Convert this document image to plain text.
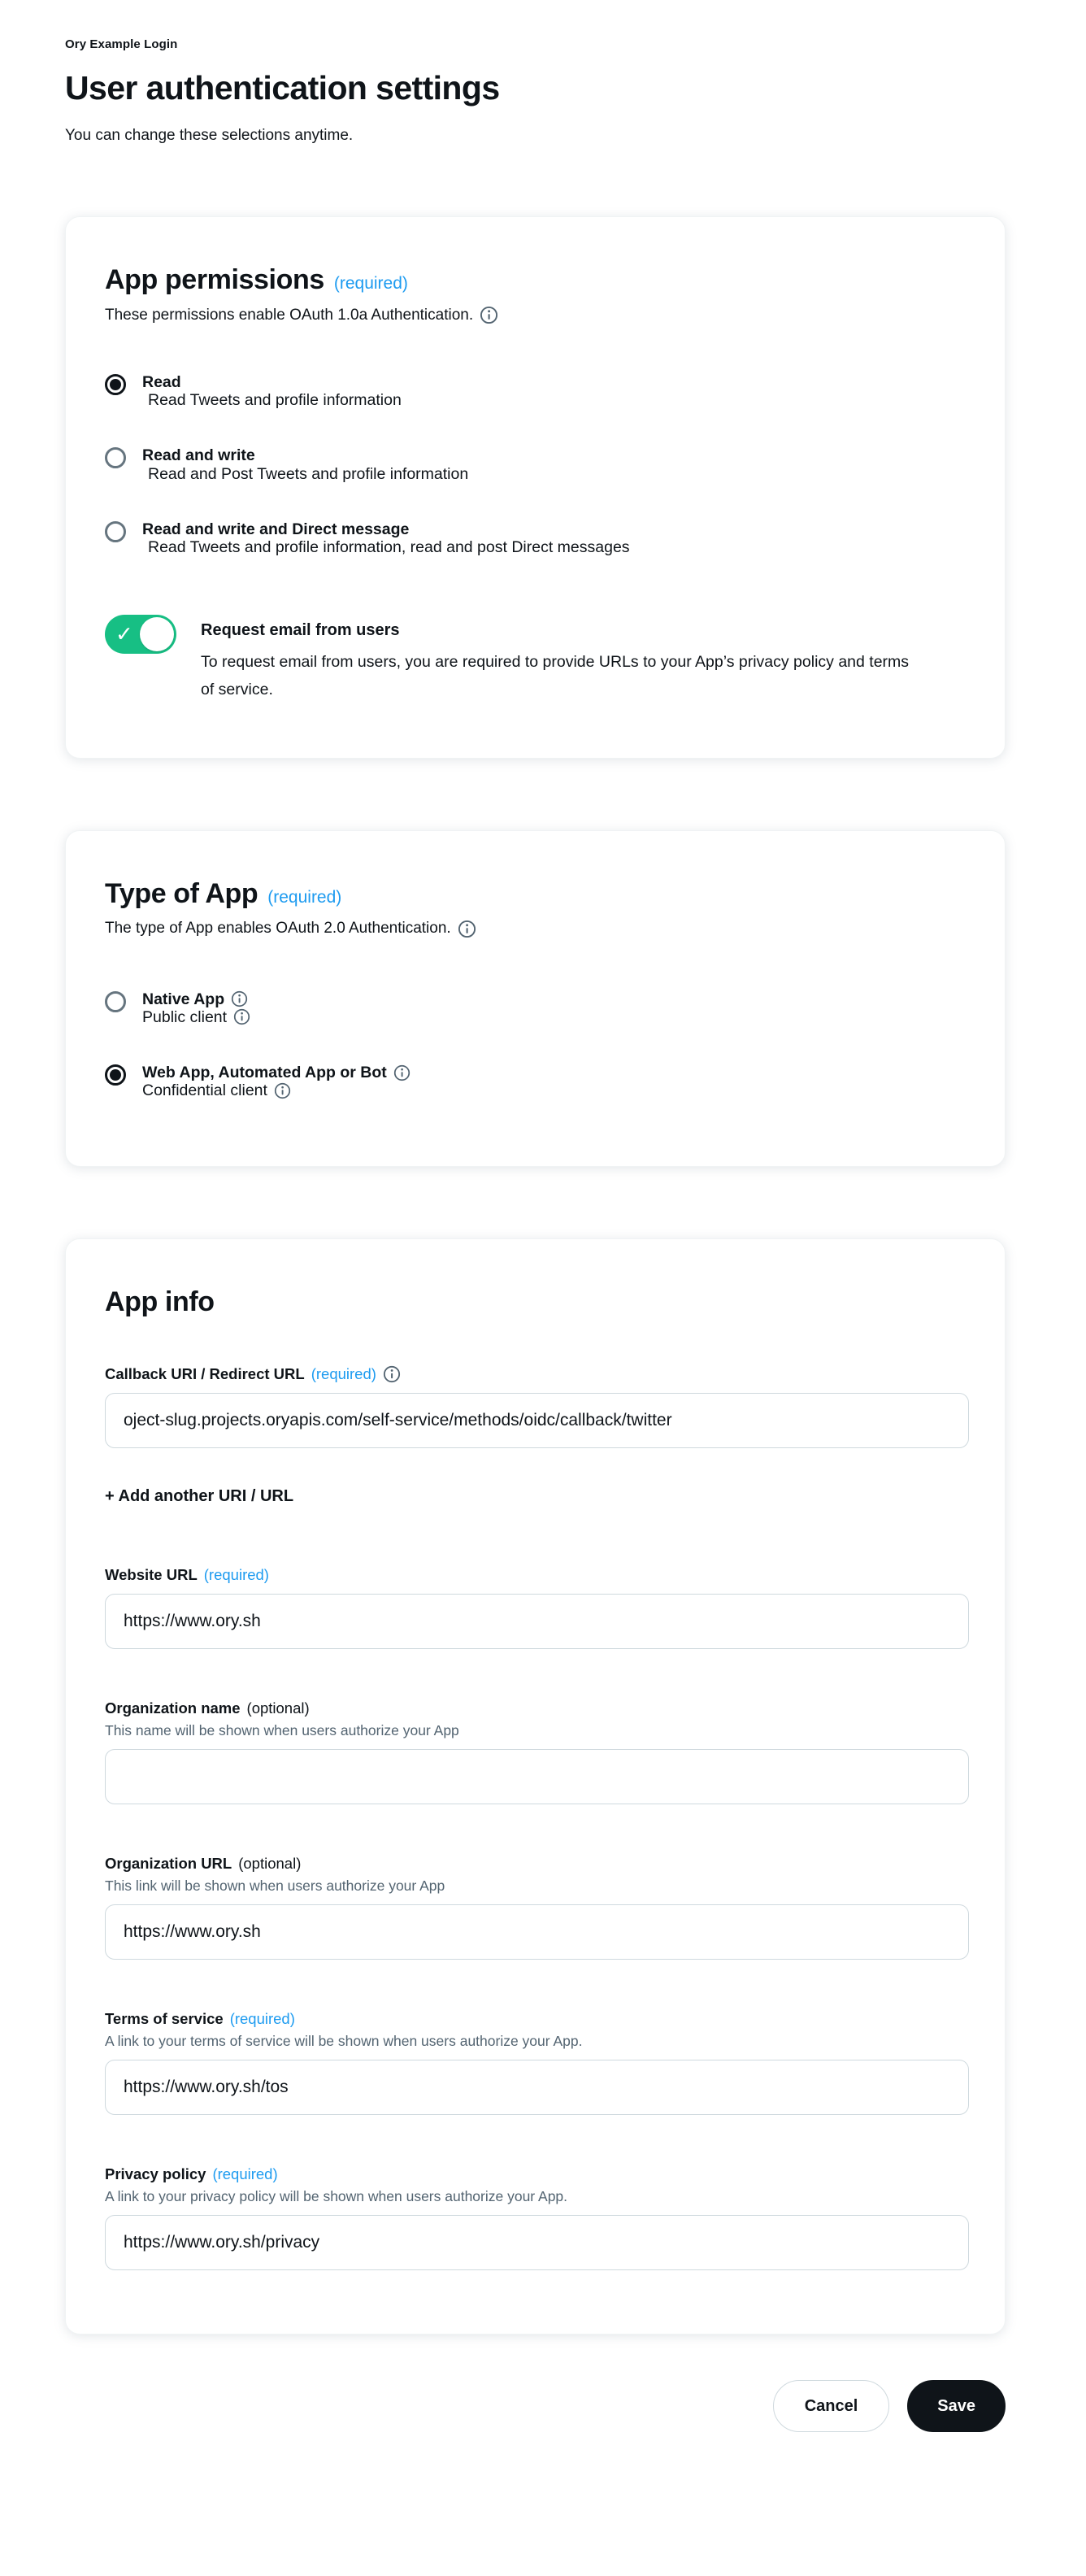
Ory Example Login
User authentication settings
You can change these selections anytime.
App permissions (required)
These permissions enable OAuth 1.0a Authentication.
Read
Read Tweets and profile information
Read and write
Read and Post Tweets and profile information
Read and write and Direct message
Read Tweets and profile information, read and post Direct messages
✓	Request email from users
To request email from users, you are required to provide URLs to your App’s privacy policy and terms of service.
Type of App (required)
The type of App enables OAuth 2.0 Authentication.
Native App
Public client
Web App, Automated App or Bot
Confidential client
App info
Callback URI / Redirect URL (required)
roject-slug.projects.oryapis.com/self-service/methods/oidc/callback/twitter
+ Add another URI / URL
Website URL (required)
https://www.ory.sh
Organization name (optional)
This name will be shown when users authorize your App
Organization URL (optional)
This link will be shown when users authorize your App
https://www.ory.sh
Terms of service (required)
A link to your terms of service will be shown when users authorize your App.
https://www.ory.sh/tos
Privacy policy (required)
A link to your privacy policy will be shown when users authorize your App.
https://www.ory.sh/privacy
Cancel	Save
